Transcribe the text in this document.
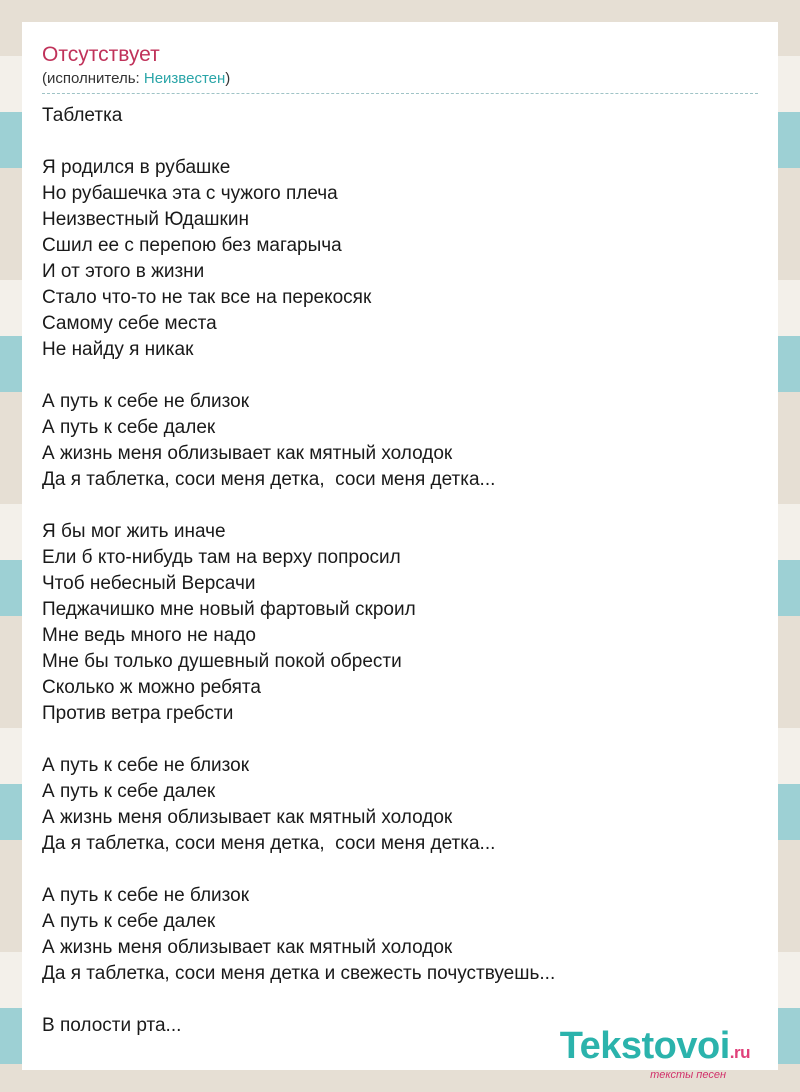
Отсутствует
(исполнитель: Неизвестен)
Таблетка
Я родился в рубашке
Но рубашечка эта с чужого плеча
Неизвестный Юдашкин
Сшил ее с перепою без магарыча
И от этого в жизни
Стало что-то не так все на перекосяк
Самому себе места
Не найду я никак
А путь к себе не близок
А путь к себе далек
А жизнь меня облизывает как мятный холодок
Да я таблетка, соси меня детка,  соси меня детка...
Я бы мог жить иначе
Ели б кто-нибудь там на верху попросил
Чтоб небесный Версачи
Педжачишко мне новый фартовый скроил
Мне ведь много не надо
Мне бы только душевный покой обрести
Сколько ж можно ребята
Против ветра гребсти
А путь к себе не близок
А путь к себе далек
А жизнь меня облизывает как мятный холодок
Да я таблетка, соси меня детка,  соси меня детка...
А путь к себе не близок
А путь к себе далек
А жизнь меня облизывает как мятный холодок
Да я таблетка, соси меня детка и свежесть почуствуешь...
В полости рта...	Tekstovoi.ru
тексты песен
